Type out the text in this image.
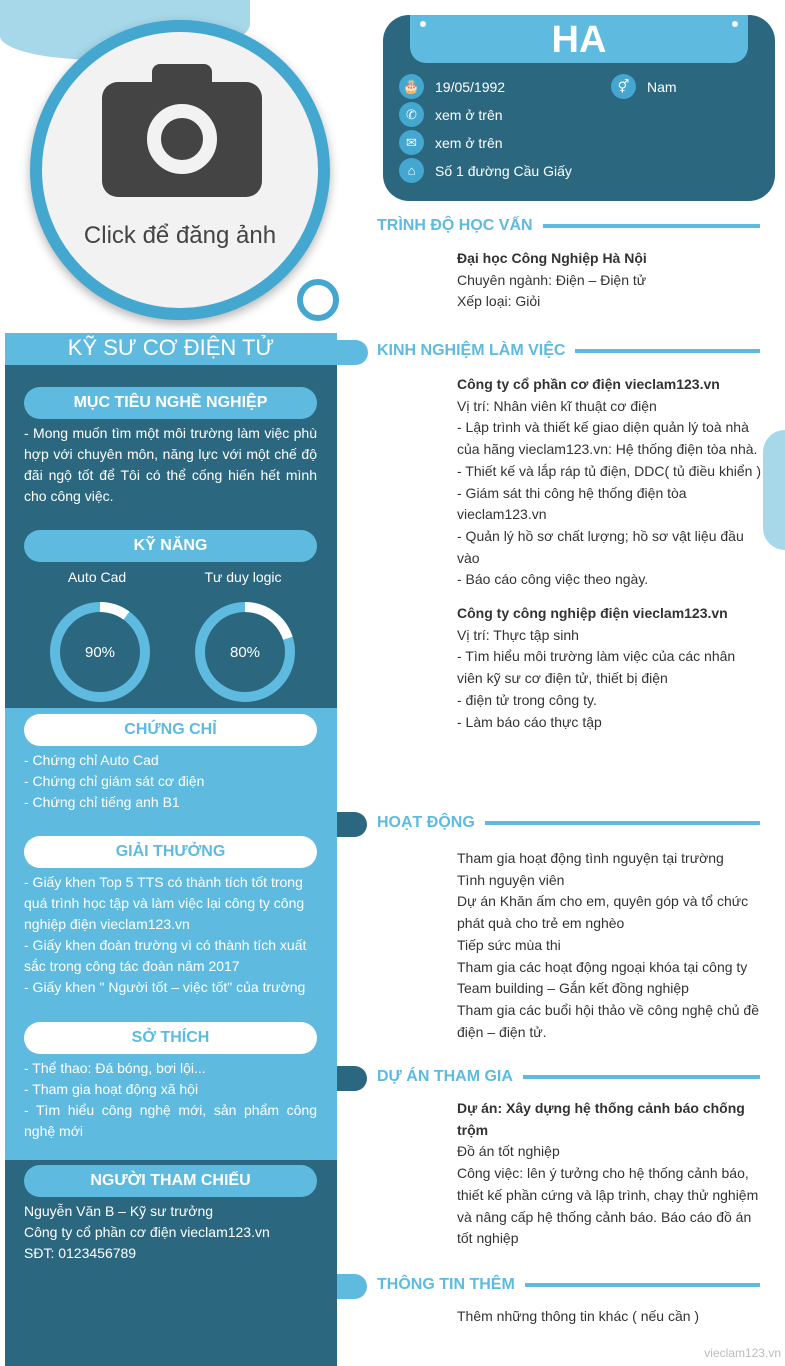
Click để đăng ảnh
HA
🎂	19/05/1992	⚥	Nam
✆	xem ở trên
✉	xem ở trên
⌂	Số 1 đường Cầu Giấy
KỸ SƯ CƠ ĐIỆN TỬ
MỤC TIÊU NGHỀ NGHIỆP
- Mong muốn tìm một môi trường làm việc phù hợp với chuyên môn, năng lực với một chế độ đãi ngộ tốt để Tôi có thể cống hiến hết mình cho công việc.
KỸ NĂNG
Auto Cad	Tư duy logic
90%	80%
CHỨNG CHỈ
- Chứng chỉ Auto Cad
- Chứng chỉ giám sát cơ điện
- Chứng chỉ tiếng anh B1
GIẢI THƯỞNG
- Giấy khen Top 5 TTS có thành tích tốt trong quá trình học tập và làm việc lại công ty công nghiệp điện vieclam123.vn
- Giấy khen đoàn trường vì có thành tích xuất sắc trong công tác đoàn năm 2017
- Giấy khen " Người tốt – việc tốt" của trường
SỞ THÍCH
- Thể thao: Đá bóng, bơi lội...
- Tham gia hoạt động xã hội
- Tìm hiểu công nghệ mới, sản phẩm công nghệ mới
NGƯỜI THAM CHIẾU
Nguyễn Văn B – Kỹ sư trưởng
Công ty cổ phần cơ điện vieclam123.vn
SĐT: 0123456789
TRÌNH ĐỘ HỌC VẤN
Đại học Công Nghiệp Hà Nội
Chuyên ngành: Điện – Điện tử
Xếp loại: Giỏi
KINH NGHIỆM LÀM VIỆC
Công ty cổ phần cơ điện vieclam123.vn
Vị trí: Nhân viên kĩ thuật cơ điện
- Lập trình và thiết kế giao diện quản lý toà nhà của hãng vieclam123.vn: Hệ thống điện tòa nhà.
- Thiết kế và lắp ráp tủ điện, DDC( tủ điều khiển )
- Giám sát thi công hệ thống điện tòa vieclam123.vn
- Quản lý hồ sơ chất lượng; hồ sơ vật liệu đầu vào
- Báo cáo công việc theo ngày.
Công ty công nghiệp điện vieclam123.vn
Vị trí: Thực tập sinh
- Tìm hiểu môi trường làm việc của các nhân viên kỹ sư cơ điện tử, thiết bị điện
- điện tử trong công ty.
- Làm báo cáo thực tập
HOẠT ĐỘNG
Tham gia hoạt động tình nguyện tại trường
Tình nguyện viên
Dự án Khăn ấm cho em, quyên góp và tổ chức phát quà cho trẻ em nghèo
Tiếp sức mùa thi
Tham gia các hoạt động ngoại khóa tại công ty
Team building – Gắn kết đồng nghiệp
Tham gia các buổi hội thảo về công nghệ chủ đề điện – điện tử.
DỰ ÁN THAM GIA
Dự án: Xây dựng hệ thống cảnh báo chống trộm
Đồ án tốt nghiệp
Công việc: lên ý tưởng cho hệ thống cảnh báo, thiết kế phần cứng và lập trình, chạy thử nghiệm và nâng cấp hệ thống cảnh báo. Báo cáo đồ án tốt nghiệp
THÔNG TIN THÊM
Thêm những thông tin khác ( nếu cần )
vieclam123.vn
